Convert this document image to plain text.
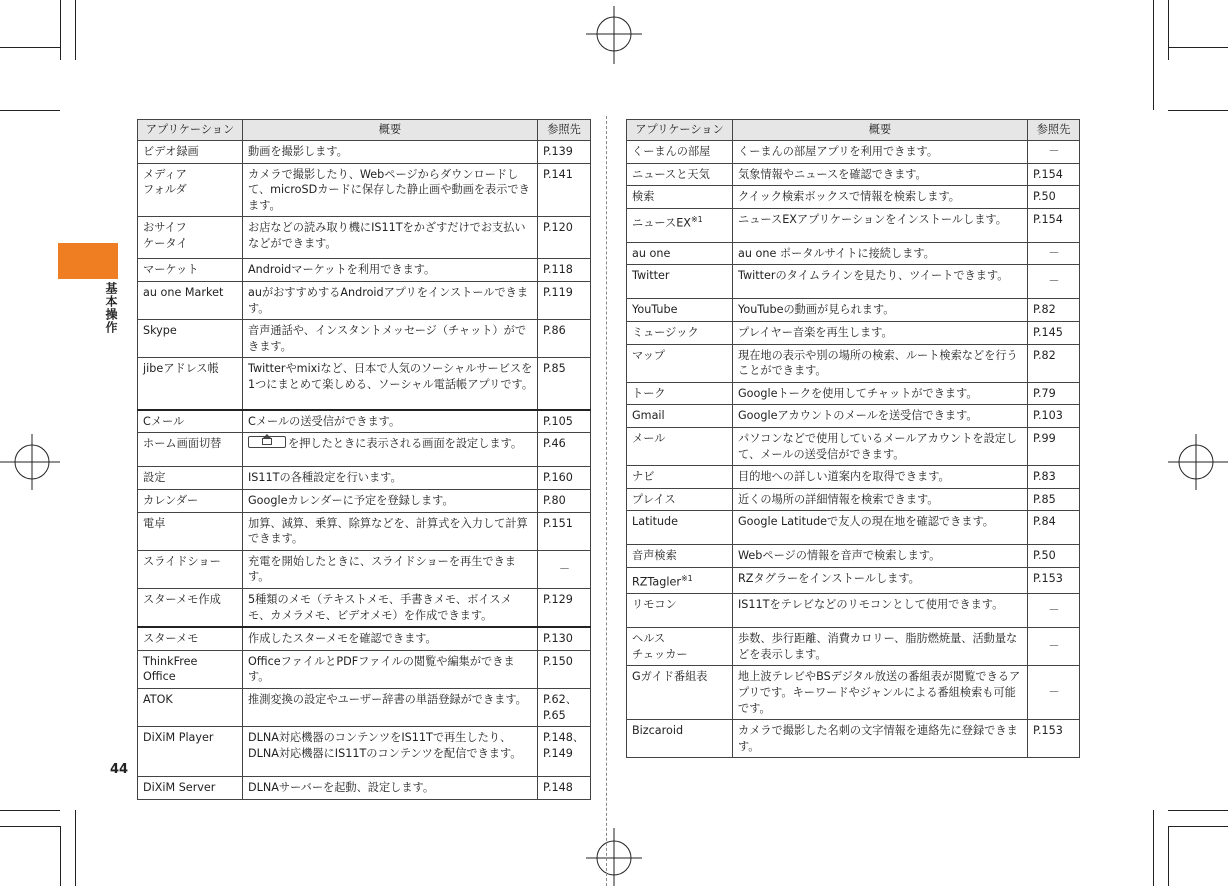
基本操作
44
アプリケーション	概要	参照先
ビデオ録画	動画を撮影します。	P.139
メディア
フォルダ	カメラで撮影したり、Webページからダウンロードして、microSDカードに保存した静止画や動画を表示できます。	P.141
おサイフ
ケータイ	お店などの読み取り機にIS11Tをかざすだけでお支払いなどができます。	P.120
マーケット	Androidマーケットを利用できます。	P.118
au one Market	auがおすすめするAndroidアプリをインストールできます。	P.119
Skype	音声通話や、インスタントメッセージ（チャット）ができます。	P.86
jibeアドレス帳	Twitterやmixiなど、日本で人気のソーシャルサービスを1つにまとめて楽しめる、ソーシャル電話帳アプリです。	P.85
Cメール	Cメールの送受信ができます。	P.105
ホーム画面切替	を押したときに表示される画面を設定します。	P.46
設定	IS11Tの各種設定を行います。	P.160
カレンダー	Googleカレンダーに予定を登録します。	P.80
電卓	加算、減算、乗算、除算などを、計算式を入力して計算できます。	P.151
スライドショー	充電を開始したときに、スライドショーを再生できます。	－
スターメモ作成	5種類のメモ（テキストメモ、手書きメモ、ボイスメモ、カメラメモ、ビデオメモ）を作成できます。	P.129
スターメモ	作成したスターメモを確認できます。	P.130
ThinkFree
Office	OfficeファイルとPDFファイルの閲覧や編集ができます。	P.150
ATOK	推測変換の設定やユーザー辞書の単語登録ができます。	P.62、
P.65
DiXiM Player	DLNA対応機器のコンテンツをIS11Tで再生したり、DLNA対応機器にIS11Tのコンテンツを配信できます。	P.148、
P.149
DiXiM Server	DLNAサーバーを起動、設定します。	P.148
アプリケーション	概要	参照先
くーまんの部屋	くーまんの部屋アプリを利用できます。	－
ニュースと天気	気象情報やニュースを確認できます。	P.154
検索	クイック検索ボックスで情報を検索します。	P.50
ニュースEX$^{※1}$	ニュースEXアプリケーションをインストールします。	P.154
au one	au one ポータルサイトに接続します。	－
Twitter	Twitterのタイムラインを見たり、ツイートできます。	－
YouTube	YouTubeの動画が見られます。	P.82
ミュージック	プレイヤー音楽を再生します。	P.145
マップ	現在地の表示や別の場所の検索、ルート検索などを行うことができます。	P.82
トーク	Googleトークを使用してチャットができます。	P.79
Gmail	Googleアカウントのメールを送受信できます。	P.103
メール	パソコンなどで使用しているメールアカウントを設定して、メールの送受信ができます。	P.99
ナビ	目的地への詳しい道案内を取得できます。	P.83
プレイス	近くの場所の詳細情報を検索できます。	P.85
Latitude	Google Latitudeで友人の現在地を確認できます。	P.84
音声検索	Webページの情報を音声で検索します。	P.50
RZTagler$^{※1}$	RZタグラーをインストールします。	P.153
リモコン	IS11Tをテレビなどのリモコンとして使用できます。	－
ヘルス
チェッカー	歩数、歩行距離、消費カロリー、脂肪燃焼量、活動量などを表示します。	－
Gガイド番組表	地上波テレビやBSデジタル放送の番組表が閲覧できるアプリです。キーワードやジャンルによる番組検索も可能です。	－
Bizcaroid	カメラで撮影した名刺の文字情報を連絡先に登録できます。	P.153
